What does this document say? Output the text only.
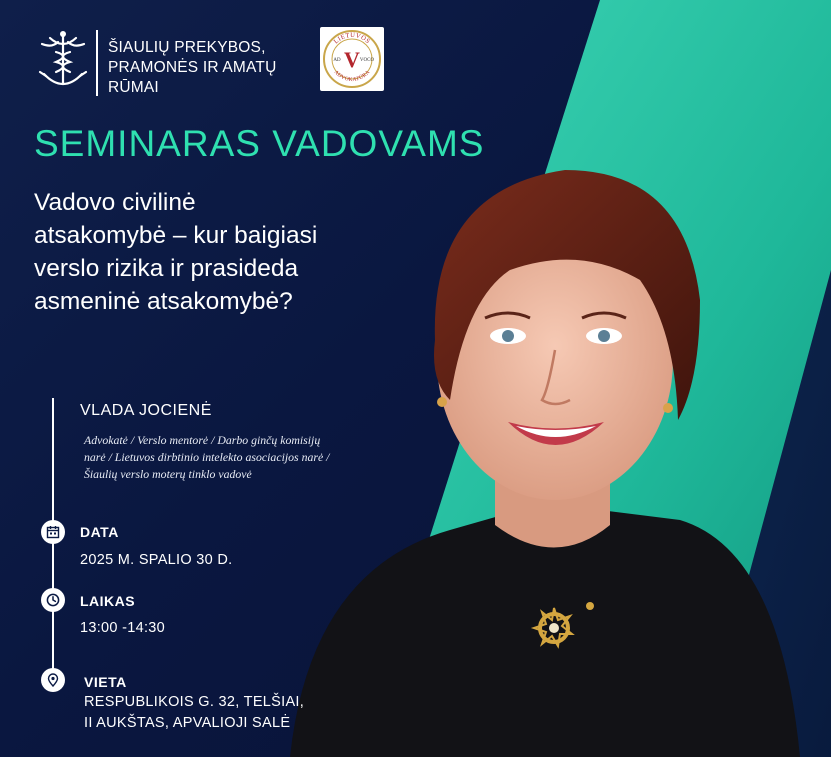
ŠIAULIŲ PREKYBOS,
PRAMONĖS IR AMATŲ
RŪMAI
LIETUVOS
ADVOKATŪRA
V
AD	VOCO
SEMINARAS VADOVAMS
Vadovo civilinė
atsakomybė – kur baigiasi
verslo rizika ir prasideda
asmeninė atsakomybė?
VLADA JOCIENĖ
Advokatė / Verslo mentorė / Darbo ginčų komisijų
narė / Lietuvos dirbtinio intelekto asociacijos narė /
Šiaulių verslo moterų tinklo vadovė
DATA
2025 M. SPALIO 30 D.
LAIKAS
13:00 -14:30
VIETA
RESPUBLIKOIS G. 32, TELŠIAI,
II AUKŠTAS, APVALIOJI SALĖ
